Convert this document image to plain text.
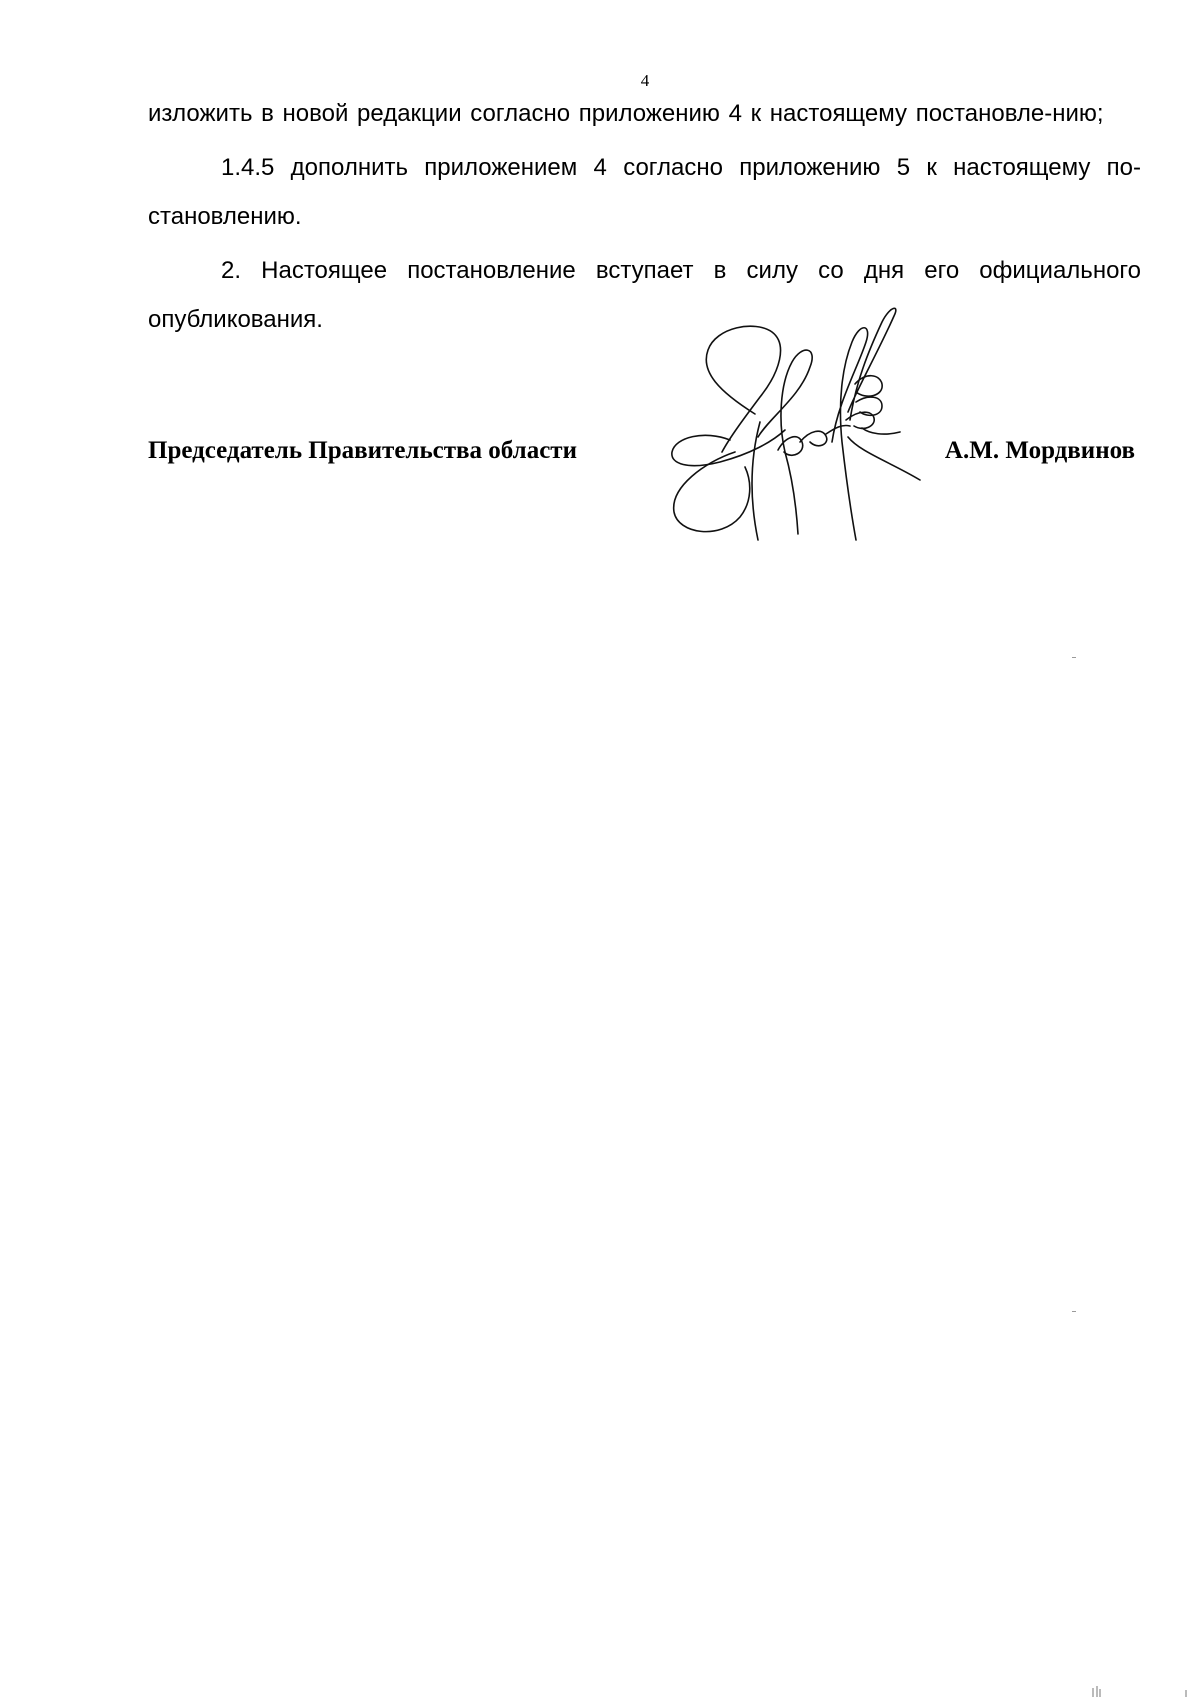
4

изложить в новой редакции согласно приложению 4 к настоящему постановле-нию;

1.4.5 дополнить приложением 4 согласно приложению 5 к настоящему по-становлению.

2. Настоящее постановление вступает в силу со дня его официального опубликования.

Председатель Правительства области	А.М. Мордвинов
